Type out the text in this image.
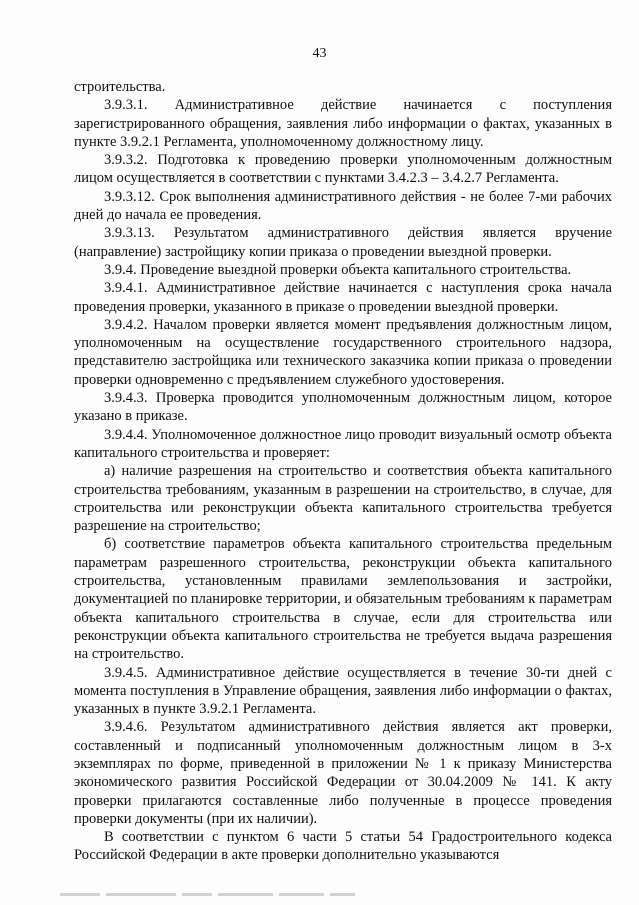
43

строительства.

3.9.3.1. Административное действие начинается с поступления зарегистрированного обращения, заявления либо информации о фактах, указанных в пункте 3.9.2.1 Регламента, уполномоченному должностному лицу.

3.9.3.2. Подготовка к проведению проверки уполномоченным должностным лицом осуществляется в соответствии с пунктами 3.4.2.3 – 3.4.2.7 Регламента.

3.9.3.12. Срок выполнения административного действия - не более 7-ми рабочих дней до начала ее проведения.

3.9.3.13. Результатом административного действия является вручение (направление) застройщику копии приказа о проведении выездной проверки.

3.9.4. Проведение выездной проверки объекта капитального строительства.

3.9.4.1. Административное действие начинается с наступления срока начала проведения проверки, указанного в приказе о проведении выездной проверки.

3.9.4.2. Началом проверки является момент предъявления должностным лицом, уполномоченным на осуществление государственного строительного надзора, представителю застройщика или технического заказчика копии приказа о проведении проверки одновременно с предъявлением служебного удостоверения.

3.9.4.3. Проверка проводится уполномоченным должностным лицом, которое указано в приказе.

3.9.4.4. Уполномоченное должностное лицо проводит визуальный осмотр объекта капитального строительства и проверяет:

а) наличие разрешения на строительство и соответствия объекта капитального строительства требованиям, указанным в разрешении на строительство, в случае, для строительства или реконструкции объекта капитального строительства требуется разрешение на строительство;

б) соответствие параметров объекта капитального строительства предельным параметрам разрешенного строительства, реконструкции объекта капитального строительства, установленным правилами землепользования и застройки, документацией по планировке территории, и обязательным требованиям к параметрам объекта капитального строительства в случае, если для строительства или реконструкции объекта капитального строительства не требуется выдача разрешения на строительство.

3.9.4.5. Административное действие осуществляется в течение 30-ти дней с момента поступления в Управление обращения, заявления либо информации о фактах, указанных в пункте 3.9.2.1 Регламента.

3.9.4.6. Результатом административного действия является акт проверки, составленный и подписанный уполномоченным должностным лицом в 3-х экземплярах по форме, приведенной в приложении № 1 к приказу Министерства экономического развития Российской Федерации от 30.04.2009 № 141. К акту проверки прилагаются составленные либо полученные в процессе проведения проверки документы (при их наличии).

В соответствии с пунктом 6 части 5 статьи 54 Градостроительного кодекса Российской Федерации в акте проверки дополнительно указываются
